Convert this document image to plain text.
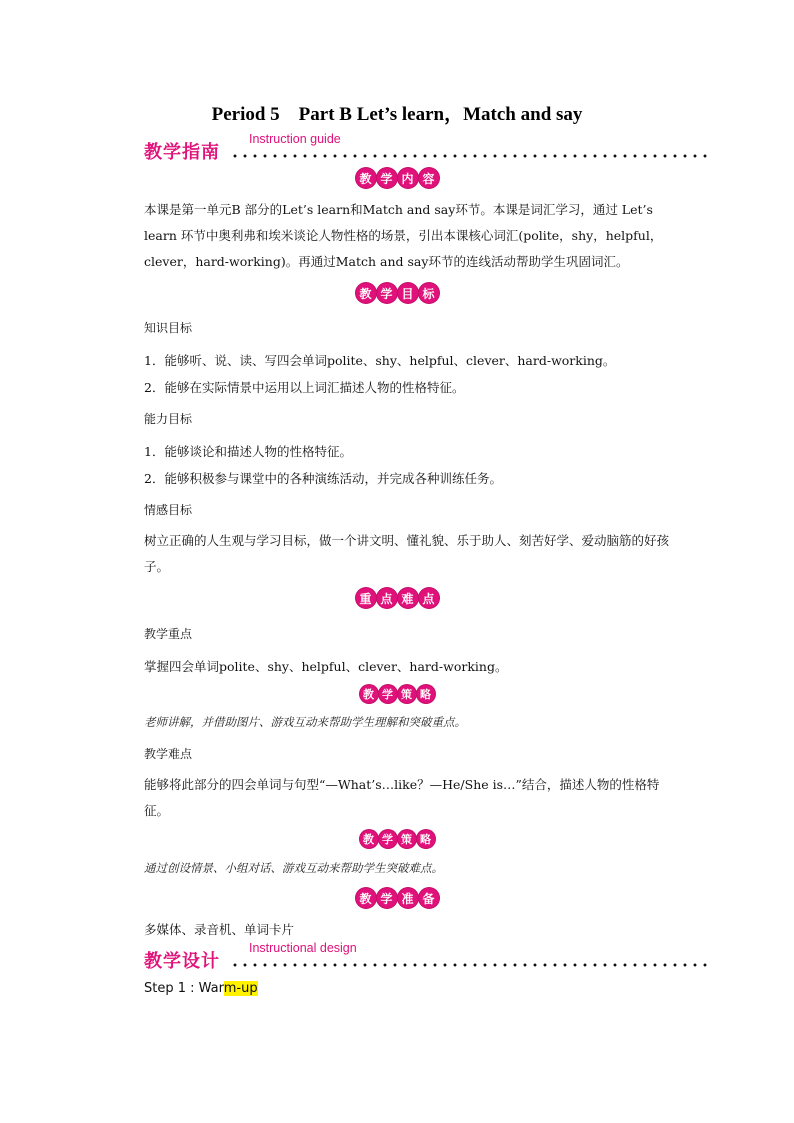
Period 5　Part B Let’s learn，Match and say
教学指南
Instruction guide
教 学 内 容
本课是第一单元B 部分的Let’s learn和Match and say环节。本课是词汇学习，通过 Let’s learn 环节中奥利弗和埃米谈论人物性格的场景，引出本课核心词汇(polite，shy，helpful，clever，hard-working)。再通过Match and say环节的连线活动帮助学生巩固词汇。
教 学 目 标
知识目标
1．能够听、说、读、写四会单词polite、shy、helpful、clever、hard-working。
2．能够在实际情景中运用以上词汇描述人物的性格特征。
能力目标
1．能够谈论和描述人物的性格特征。
2．能够积极参与课堂中的各种演练活动，并完成各种训练任务。
情感目标
树立正确的人生观与学习目标，做一个讲文明、懂礼貌、乐于助人、刻苦好学、爱动脑筋的好孩子。
重 点 难 点
教学重点
掌握四会单词polite、shy、helpful、clever、hard-working。
教 学 策 略
老师讲解，并借助图片、游戏互动来帮助学生理解和突破重点。
教学难点
能够将此部分的四会单词与句型“—What’s…like？—He/She is…”结合，描述人物的性格特征。
教 学 策 略
通过创设情景、小组对话、游戏互动来帮助学生突破难点。
教 学 准 备
多媒体、录音机、单词卡片
教学设计
Instructional design
Step 1 : Warm-up
